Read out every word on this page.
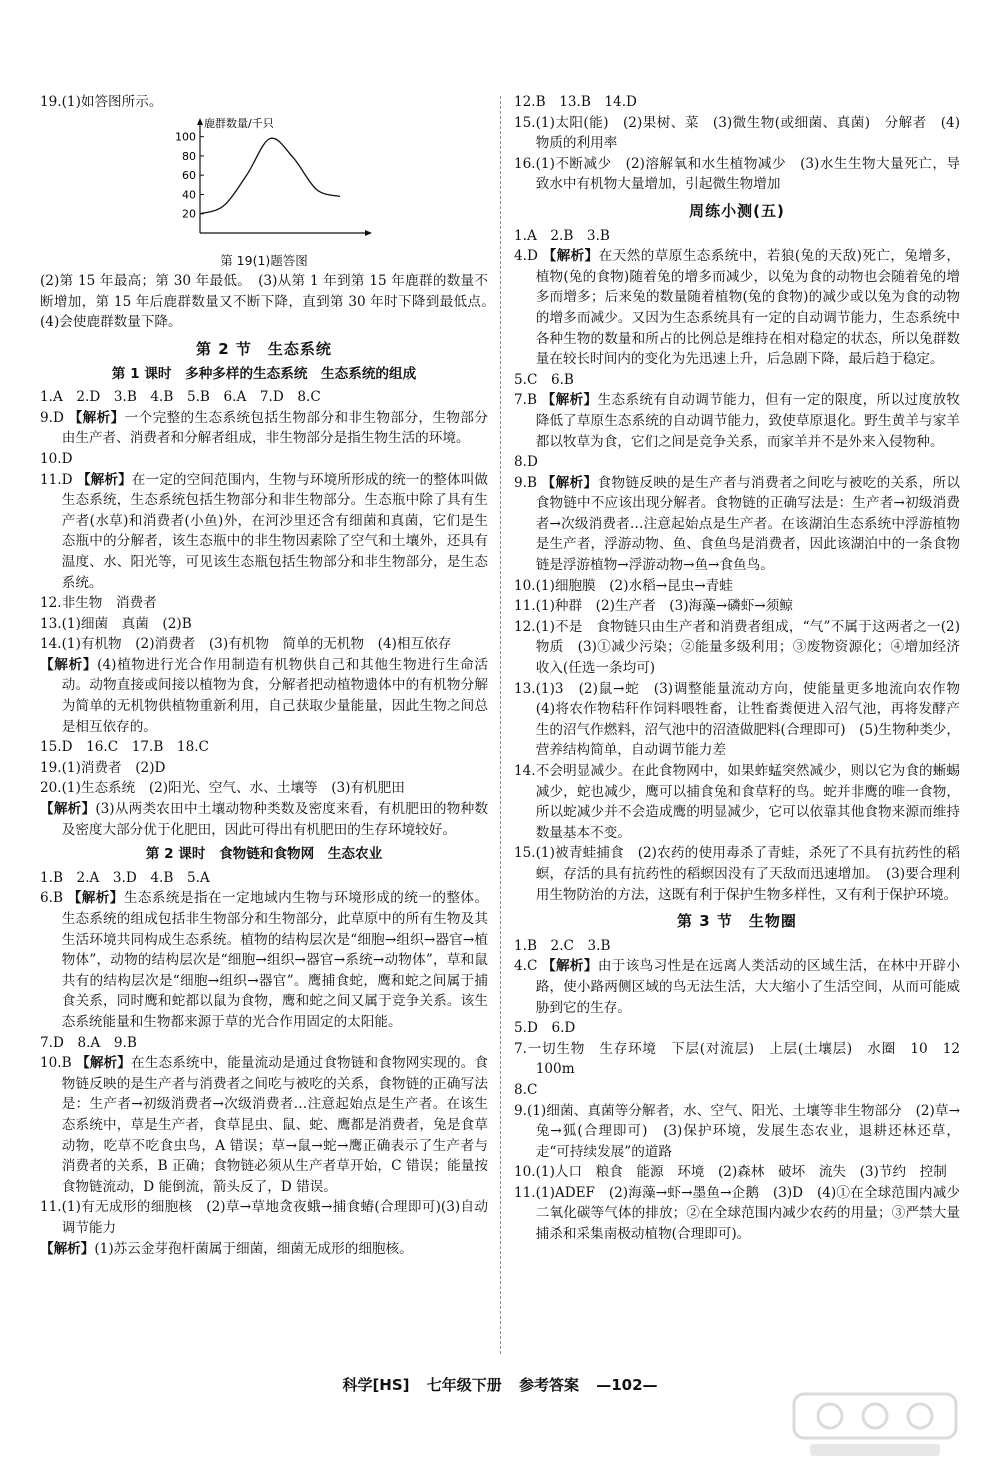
19.(1)如答图所示。

鹿群数量/千只
20
40
60
80
100

第 19(1)题答图

(2)第 15 年最高；第 30 年最低。　(3)从第 1 年到第 15 年鹿群的数量不断增加，第 15 年后鹿群数量又不断下降，直到第 30 年时下降到最低点。　(4)会使鹿群数量下降。

第 2 节　生态系统
第 1 课时　多种多样的生态系统　生态系统的组成

1.A　2.D　3.B　4.B　5.B　6.A　7.D　8.C

9.D 【解析】一个完整的生态系统包括生物部分和非生物部分，生物部分由生产者、消费者和分解者组成，非生物部分是指生物生活的环境。

10.D

11.D 【解析】在一定的空间范围内，生物与环境所形成的统一的整体叫做生态系统，生态系统包括生物部分和非生物部分。生态瓶中除了具有生产者(水草)和消费者(小鱼)外，在河沙里还含有细菌和真菌，它们是生态瓶中的分解者，该生态瓶中的非生物因素除了空气和土壤外，还具有温度、水、阳光等，可见该生态瓶包括生物部分和非生物部分，是生态系统。

12.非生物　消费者

13.(1)细菌　真菌　(2)B

14.(1)有机物　(2)消费者　(3)有机物　简单的无机物　(4)相互依存

【解析】(4)植物进行光合作用制造有机物供自己和其他生物进行生命活动。动物直接或间接以植物为食，分解者把动植物遗体中的有机物分解为简单的无机物供植物重新利用，自己获取少量能量，因此生物之间总是相互依存的。

15.D　16.C　17.B　18.C

19.(1)消费者　(2)D

20.(1)生态系统　(2)阳光、空气、水、土壤等　(3)有机肥田

【解析】(3)从两类农田中土壤动物种类数及密度来看，有机肥田的物种数及密度大部分优于化肥田，因此可得出有机肥田的生存环境较好。

第 2 课时　食物链和食物网　生态农业

1.B　2.A　3.D　4.B　5.A

6.B 【解析】生态系统是指在一定地域内生物与环境形成的统一的整体。生态系统的组成包括非生物部分和生物部分，此草原中的所有生物及其生活环境共同构成生态系统。植物的结构层次是“细胞→组织→器官→植物体”，动物的结构层次是“细胞→组织→器官→系统→动物体”，草和鼠共有的结构层次是“细胞→组织→器官”。鹰捕食蛇，鹰和蛇之间属于捕食关系，同时鹰和蛇都以鼠为食物，鹰和蛇之间又属于竞争关系。该生态系统能量和生物都来源于草的光合作用固定的太阳能。

7.D　8.A　9.B

10.B 【解析】在生态系统中，能量流动是通过食物链和食物网实现的。食物链反映的是生产者与消费者之间吃与被吃的关系，食物链的正确写法是：生产者→初级消费者→次级消费者…注意起始点是生产者。在该生态系统中，草是生产者，食草昆虫、鼠、蛇、鹰都是消费者，兔是食草动物，吃草不吃食虫鸟，A 错误；草→鼠→蛇→鹰正确表示了生产者与消费者的关系，B 正确；食物链必须从生产者草开始，C 错误；能量按食物链流动，D 能倒流，箭头反了，D 错误。

11.(1)有无成形的细胞核　(2)草→草地贪夜蛾→捕食蝽(合理即可)(3)自动调节能力

【解析】(1)苏云金芽孢杆菌属于细菌，细菌无成形的细胞核。

12.B　13.B　14.D

15.(1)太阳(能)　(2)果树、菜　(3)微生物(或细菌、真菌)　分解者　(4)物质的利用率

16.(1)不断减少　(2)溶解氧和水生植物减少　(3)水生生物大量死亡，导致水中有机物大量增加，引起微生物增加

周练小测(五)

1.A　2.B　3.B

4.D 【解析】在天然的草原生态系统中，若狼(兔的天敌)死亡，兔增多，植物(兔的食物)随着兔的增多而减少，以兔为食的动物也会随着兔的增多而增多；后来兔的数量随着植物(兔的食物)的减少或以兔为食的动物的增多而减少。又因为生态系统具有一定的自动调节能力，生态系统中各种生物的数量和所占的比例总是维持在相对稳定的状态，所以兔群数量在较长时间内的变化为先迅速上升，后急剧下降，最后趋于稳定。

5.C　6.B

7.B 【解析】生态系统有自动调节能力，但有一定的限度，所以过度放牧降低了草原生态系统的自动调节能力，致使草原退化。野生黄羊与家羊都以牧草为食，它们之间是竞争关系，而家羊并不是外来入侵物种。

8.D

9.B 【解析】食物链反映的是生产者与消费者之间吃与被吃的关系，所以食物链中不应该出现分解者。食物链的正确写法是：生产者→初级消费者→次级消费者…注意起始点是生产者。在该湖泊生态系统中浮游植物是生产者，浮游动物、鱼、食鱼鸟是消费者，因此该湖泊中的一条食物链是浮游植物→浮游动物→鱼→食鱼鸟。

10.(1)细胞膜　(2)水稻→昆虫→青蛙

11.(1)种群　(2)生产者　(3)海藻→磷虾→须鲸

12.(1)不是　食物链只由生产者和消费者组成，“气”不属于这两者之一(2)物质　(3)①减少污染；②能量多级利用；③废物资源化；④增加经济收入(任选一条均可)

13.(1)3　(2)鼠→蛇　(3)调整能量流动方向，使能量更多地流向农作物　(4)将农作物秸秆作饲料喂牲畜，让牲畜粪便进入沼气池，再将发酵产生的沼气作燃料，沼气池中的沼渣做肥料(合理即可)　(5)生物种类少，营养结构简单，自动调节能力差

14.不会明显减少。在此食物网中，如果蚱蜢突然减少，则以它为食的蜥蜴减少，蛇也减少，鹰可以捕食兔和食草籽的鸟。蛇并非鹰的唯一食物，所以蛇减少并不会造成鹰的明显减少，它可以依靠其他食物来源而维持数量基本不变。

15.(1)被青蛙捕食　(2)农药的使用毒杀了青蛙，杀死了不具有抗药性的稻螟，存活的具有抗药性的稻螟因没有了天敌而迅速增加。　(3)要合理利用生物防治的方法，这既有利于保护生物多样性，又有利于保护环境。

第 3 节　生物圈

1.B　2.C　3.B

4.C 【解析】由于该鸟习性是在远离人类活动的区域生活，在林中开辟小路，使小路两侧区域的鸟无法生活，大大缩小了生活空间，从而可能威胁到它的生存。

5.D　6.D

7.一切生物　生存环境　下层(对流层)　上层(土壤层)　水圈　10　12　100m

8.C

9.(1)细菌、真菌等分解者，水、空气、阳光、土壤等非生物部分　(2)草→兔→狐(合理即可)　(3)保护环境，发展生态农业，退耕还林还草，走“可持续发展”的道路

10.(1)人口　粮食　能源　环境　(2)森林　破坏　流失　(3)节约　控制

11.(1)ADEF　(2)海藻→虾→墨鱼→企鹅　(3)D　(4)①在全球范围内减少二氧化碳等气体的排放；②在全球范围内减少农药的用量；③严禁大量捕杀和采集南极动植物(合理即可)。

科学[HS] 七年级下册 参考答案 —102—
